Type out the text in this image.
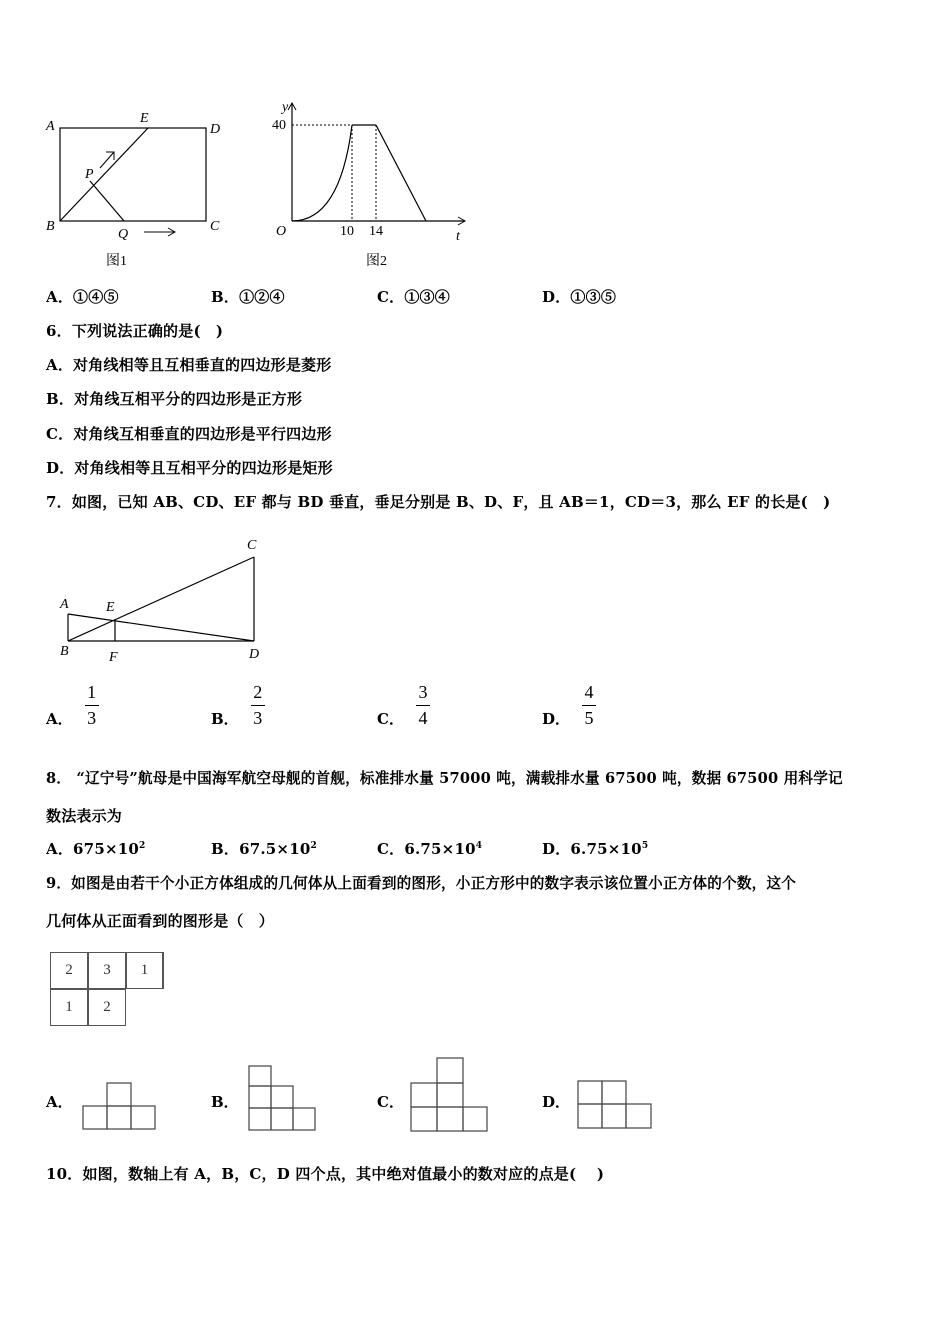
A
E
D
P
B
Q
C
图1
y
t
O
40
10 14
图2
A．①④⑤	B．①②④	C．①③④	D．①③⑤
6．下列说法正确的是(　)
A．对角线相等且互相垂直的四边形是菱形
B．对角线互相平分的四边形是正方形
C．对角线互相垂直的四边形是平行四边形
D．对角线相等且互相平分的四边形是矩形
7．如图，已知 AB、CD、EF 都与 BD 垂直，垂足分别是 B、D、F，且 AB＝1，CD＝3，那么 EF 的长是(　)
A
B
C
D
E
F
A． $\frac{1}{3}$	B． $\frac{2}{3}$	C． $\frac{3}{4}$	D． $\frac{4}{5}$
8． “辽宁号”航母是中国海军航空母舰的首舰，标准排水量 57000 吨，满载排水量 67500 吨，数据 67500 用科学记
数法表示为
A．$675\times 10^2$	B．$67.5\times 10^2$	C．$6.75\times 10^4$	D．$6.75\times 10^5$
9．如图是由若干个小正方体组成的几何体从上面看到的图形，小正方形中的数字表示该位置小正方体的个数，这个
几何体从正面看到的图形是（　）
2	3	1
1	2
A．	B．	C．	D．
10．如图，数轴上有 A，B，C，D 四个点，其中绝对值最小的数对应的点是(　 )
